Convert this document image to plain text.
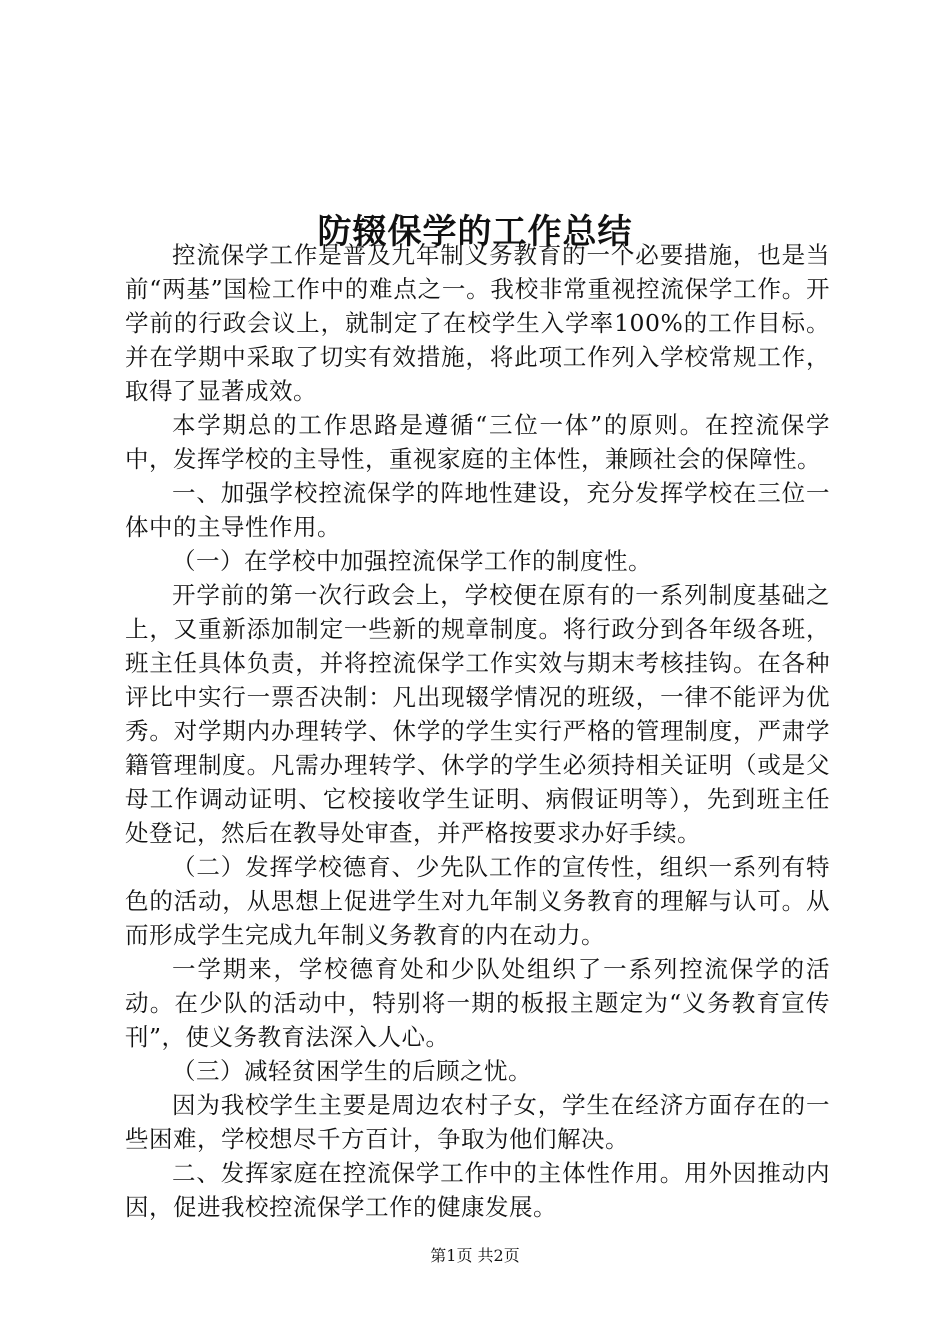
防辍保学的工作总结

控流保学工作是普及九年制义务教育的一个必要措施，也是当前“两基”国检工作中的难点之一。我校非常重视控流保学工作。开学前的行政会议上，就制定了在校学生入学率100%的工作目标。并在学期中采取了切实有效措施，将此项工作列入学校常规工作，取得了显著成效。

本学期总的工作思路是遵循“三位一体”的原则。在控流保学中，发挥学校的主导性，重视家庭的主体性，兼顾社会的保障性。

一、加强学校控流保学的阵地性建设，充分发挥学校在三位一体中的主导性作用。

（一）在学校中加强控流保学工作的制度性。

开学前的第一次行政会上，学校便在原有的一系列制度基础之上，又重新添加制定一些新的规章制度。将行政分到各年级各班，班主任具体负责，并将控流保学工作实效与期末考核挂钩。在各种评比中实行一票否决制：凡出现辍学情况的班级，一律不能评为优秀。对学期内办理转学、休学的学生实行严格的管理制度，严肃学籍管理制度。凡需办理转学、休学的学生必须持相关证明（或是父母工作调动证明、它校接收学生证明、病假证明等），先到班主任处登记，然后在教导处审查，并严格按要求办好手续。

（二）发挥学校德育、少先队工作的宣传性，组织一系列有特色的活动，从思想上促进学生对九年制义务教育的理解与认可。从而形成学生完成九年制义务教育的内在动力。

一学期来，学校德育处和少队处组织了一系列控流保学的活动。在少队的活动中，特别将一期的板报主题定为“义务教育宣传刊”，使义务教育法深入人心。

（三）减轻贫困学生的后顾之忧。

因为我校学生主要是周边农村子女，学生在经济方面存在的一些困难，学校想尽千方百计，争取为他们解决。

二、发挥家庭在控流保学工作中的主体性作用。用外因推动内因，促进我校控流保学工作的健康发展。

第1页 共2页
